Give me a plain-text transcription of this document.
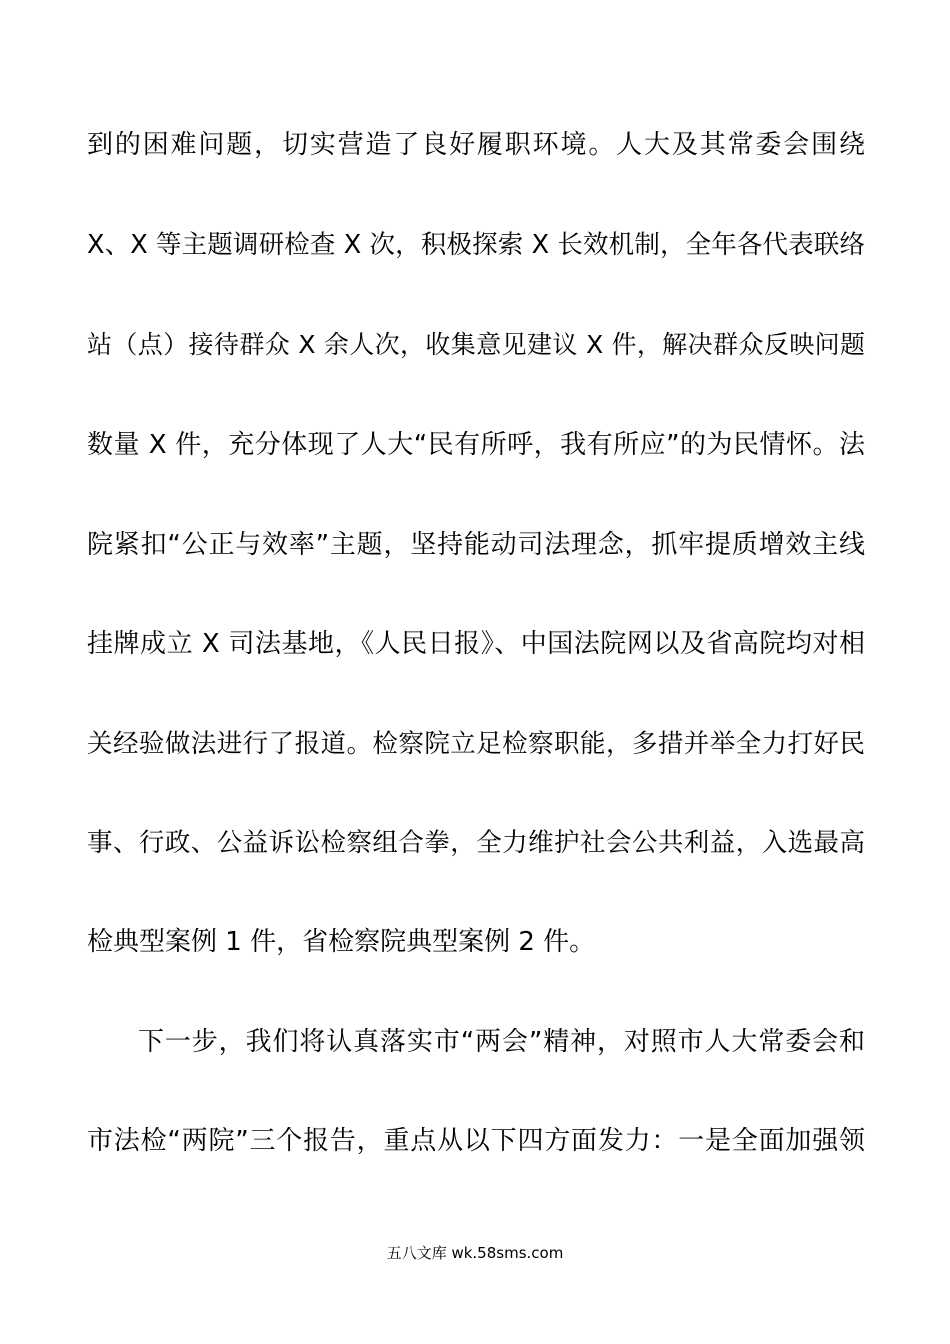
到的困难问题，切实营造了良好履职环境。人大及其常委会围绕
X、X 等主题调研检查 X 次，积极探索 X 长效机制，全年各代表联络
站（点）接待群众 X 余人次，收集意见建议 X 件，解决群众反映问题
数量 X 件，充分体现了人大“民有所呼，我有所应”的为民情怀。法
院紧扣“公正与效率”主题，坚持能动司法理念，抓牢提质增效主线
挂牌成立 X 司法基地，《人民日报》、中国法院网以及省高院均对相
关经验做法进行了报道。检察院立足检察职能，多措并举全力打好民
事、行政、公益诉讼检察组合拳，全力维护社会公共利益，入选最高
检典型案例 1 件，省检察院典型案例 2 件。
下一步，我们将认真落实市“两会”精神，对照市人大常委会和
市法检“两院”三个报告，重点从以下四方面发力：一是全面加强领
五八文库 wk.58sms.com
